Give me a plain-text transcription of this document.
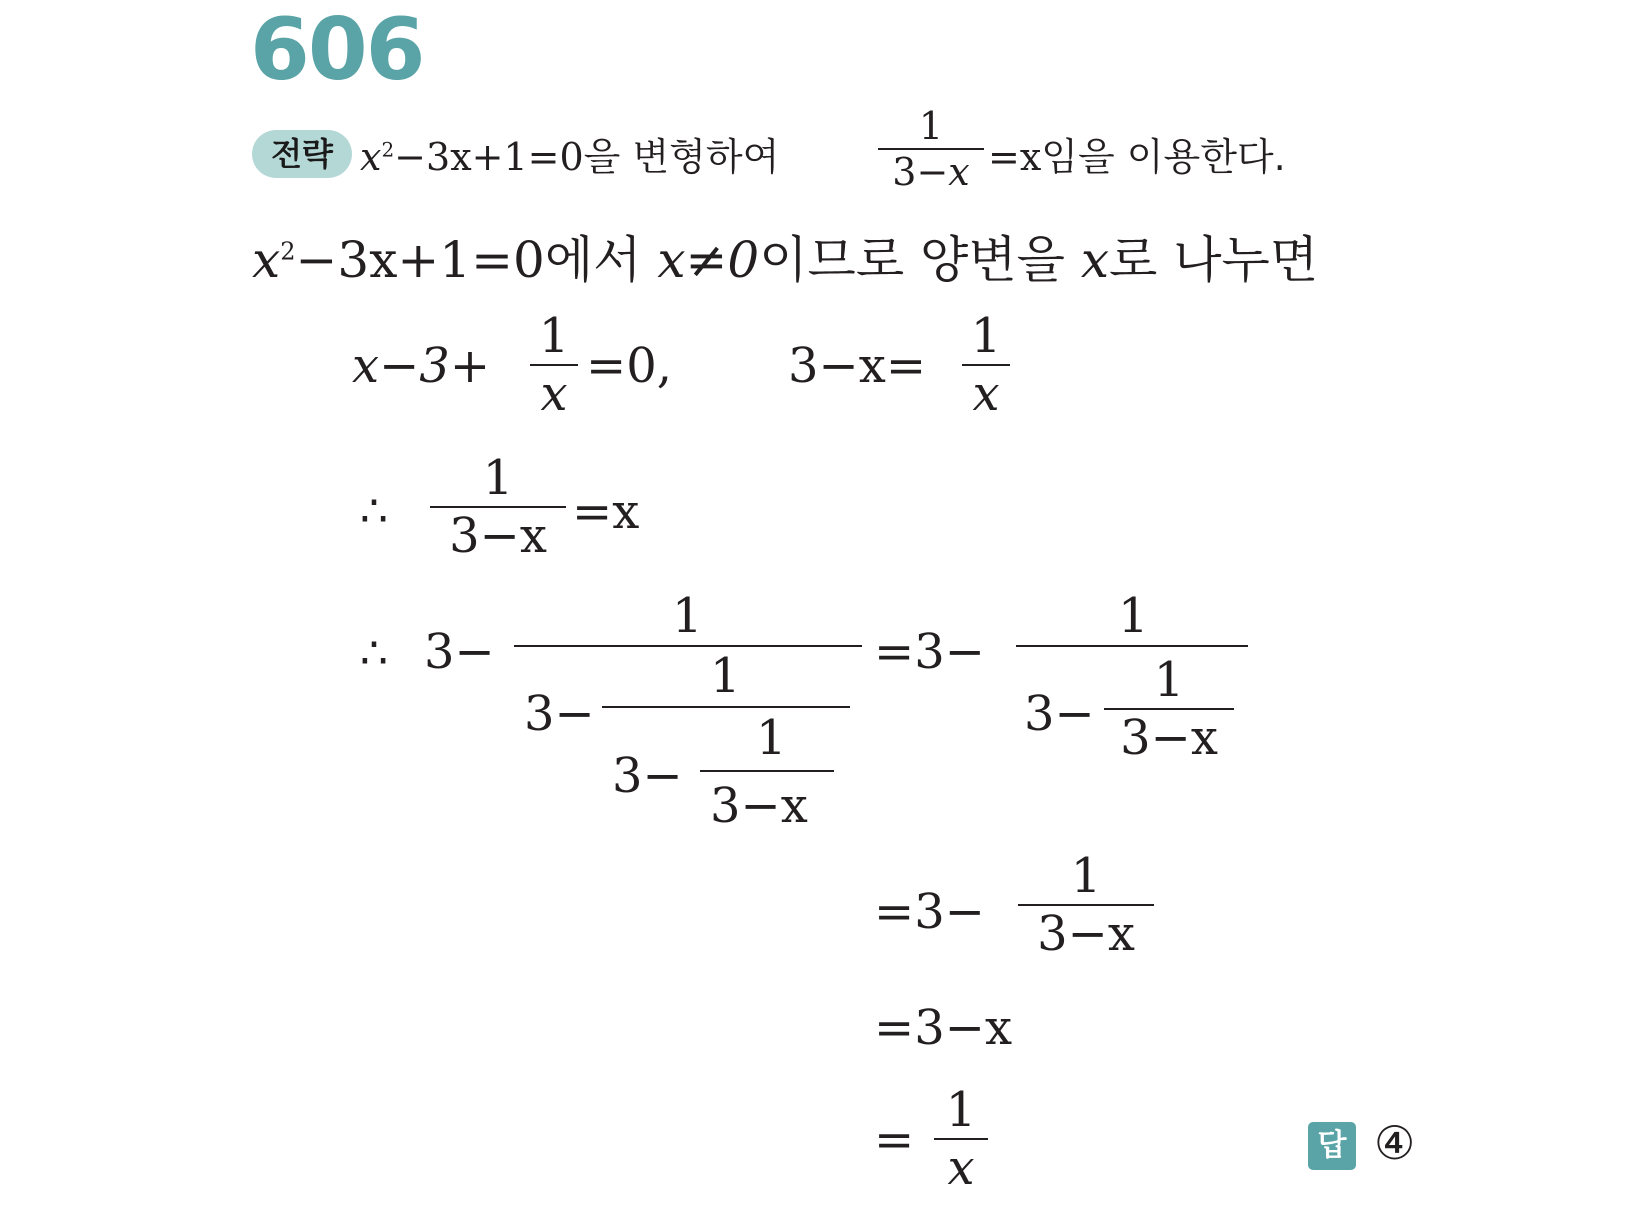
606
전략 $x^2-3x+1=0$을 변형하여
1
3−x =x임을 이용한다.
$x^2-3x+1=0$에서 x≠0이므로 양변을 x로 나누면
x−3+
1
x =0, 3−x=
1
x
∴
1
3−x =x
∴ 3−
1
3−
1
3−
1
3−x
=3−
1
3−
1
3−x
=3−
1
3−x
=3−x
=
1
x	답 ④
